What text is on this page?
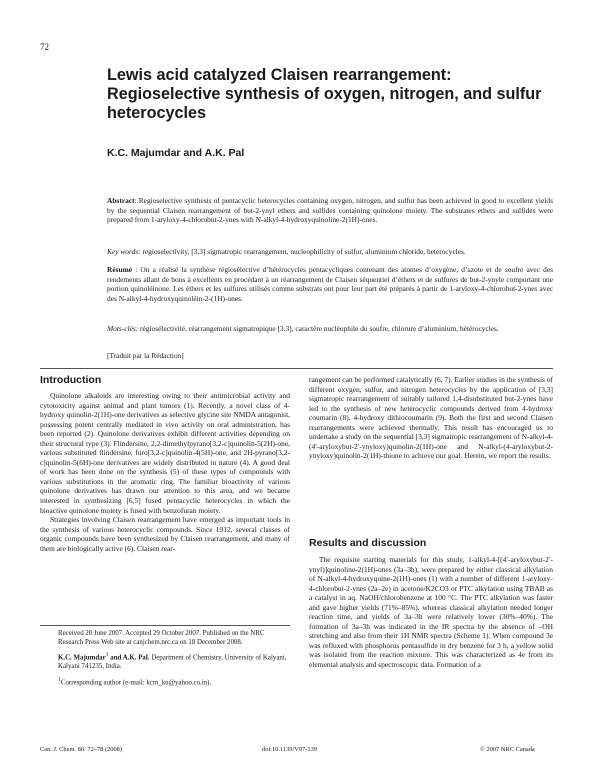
72
Lewis acid catalyzed Claisen rearrangement: Regioselective synthesis of oxygen, nitrogen, and sulfur heterocycles
K.C. Majumdar and A.K. Pal
Abstract: Regioselective synthesis of pentacyclic heterocycles containing oxygen, nitrogen, and sulfur has been achieved in good to excellent yields by the sequential Claisen rearrangement of but-2-ynyl ethers and sulfides containing quinolone moiety. The substrates ethers and sulfides were prepared from 1-aryloxy-4-chlorobut-2-ynes with N-alkyl-4-hydroxyquinoline-2(1H)-ones.
Key words: regioselectivity, [3,3] sigmatropic rearrangement, nucleophilicity of sulfur, aluminium chloride, heterocycles.
Résumé : On a réalisé la synthèse régiosélective d’hétérocycles pentacycliques contenant des atomes d’oxygène, d’azote et de soufre avec des rendements allant de bons à excellents en procédant à un réarrangement de Claisen séquentiel d’éthers et de sulfures de but-2-ynyle comportant une portion quinoléinone. Les éthers et les sulfures utilisés comme substrats ont pour leur part été préparés à partir de 1-aryloxy-4-chlorobut-2-ynes avec des N-alkyl-4-hydroxyquinoléin-2-(1H)-ones.
Mots-clés: régiosélectivité, réarrangement sigmatropique [3.3], caractère nucléophile du soufre, chlorure d’aluminium, hétérocycles.
[Traduit par la Rédaction]
Introduction

Quinolone alkaloids are interesting owing to their antimicrobial activity and cytotoxicity against animal and plant tumors (1). Recently, a novel class of 4-hydroxy quinolin-2(1H)-one derivatives as selective glycine site NMDA antagonist, possessing potent centrally mediated in vivo activity on oral administration, has been reported (2). Quinolone derivatives exhibit different activities depending on their structural type (3). Flindersine, 2,2-dimethylpyrano[3,2-c]quinolin-5(2H)-one, various substituted flindersine, furo[3,2-c]quinolin-4(5H)-one, and 2H-pyrano[3,2-c]quinolin-5(6H)-one derivatives are widely distributed in nature (4). A good deal of work has been done on the synthesis (5) of these types of compounds with various substitutions in the aromatic ring. The familiar bioactivity of various quinolone derivatives has drawn our attention to this area, and we became interested in synthesizing [6,5] fused pentacyclic heterocycles in which the bioactive quinolone moiety is fused with benzofuran moiety.

Strategies involving Claisen rearrangement have emerged as important tools in the synthesis of various heterocyclic compounds. Since 1912, several classes of organic compounds have been synthesized by Claisen rearrangement, and many of them are biologically active (6). Claisen rear-

Received 20 June 2007. Accepted 29 October 2007. Published on the NRC Research Press Web site at canjchem.nrc.ca on 18 December 2008.
K.C. Majumdar$^1$ and A.K. Pal. Department of Chemistry, University of Kalyani, Kalyani 741235, India.
$^1$Corresponding author (e-mail: kcm_ku@yahoo.co.in).

rangement can be performed catalytically (6, 7). Earlier studies in the synthesis of different oxygen, sulfur, and nitrogen heterocycles by the application of [3,3] sigmatropic rearrangement of suitably tailored 1,4-disubstituted but-2-ynes have led to the synthesis of new heterocyclic compounds derived from 4-hydroxy coumarin (8), 4-hydroxy dithiocoumarin (9). Both the first and second Claisen rearrangements were achieved thermally. This result has encouraged us to undertake a study on the sequential [3,3] sigmatropic rearrangement of N-alkyl-4-(4′-aryloxybut-2′-ynyloxy)quinolin-2(1H)-one and N-alkyl-(4-aryloxybut-2-ynyloxy)quinolin-2(1H)-thione to achieve our goal. Herein, we report the results.

Results and discussion

The requisite starting materials for this study, 1-alkyl-4-[(4′-aryloxybut-2′-ynyl)]quinoline-2(1H)-ones (3a–3h), were prepared by either classical alkylation of N-alkyl-4-hydroxyquine-2(1H)-ones (1) with a number of different 1-aryloxy-4-chlorobut-2-ynes (2a–2e) in acetone/K2CO3 or PTC alkylation using TBAB as a catalyst in aq. NaOH/chlorobenzene at 100 °C. The PTC alkylation was faster and gave higher yields (71%–85%), whereas classical alkylation needed longer reaction time, and yields of 3a–3h were relatively lower (30%–40%). The formation of 3a–3h was indicated in the IR spectra by the absence of –OH stretching and also from their 1H NMR spectra (Scheme 1). When compound 3e was refluxed with phosphorus pentasulfide in dry benzene for 3 h, a yellow solid was isolated from the reaction mixture. This was characterized as 4e from its elemental analysis and spectroscopic data. Formation of a

Can. J. Chem. 86: 72–78 (2008)	doi:10.1139/V07-139	© 2007 NRC Canada
